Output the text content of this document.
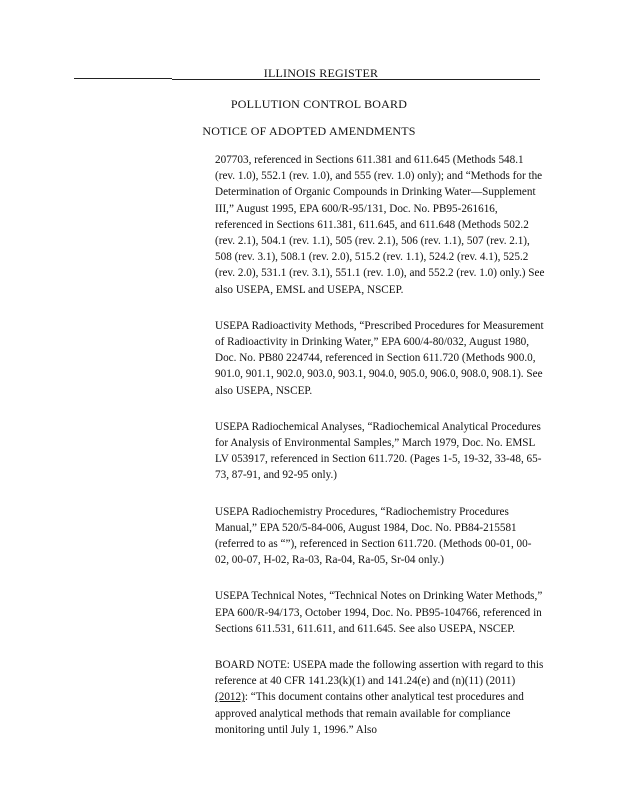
ILLINOIS REGISTER
POLLUTION CONTROL BOARD
NOTICE OF ADOPTED AMENDMENTS

207703, referenced in Sections 611.381 and 611.645 (Methods 548.1 (rev. 1.0), 552.1 (rev. 1.0), and 555 (rev. 1.0) only); and “Methods for the Determination of Organic Compounds in Drinking Water—Supplement III,” August 1995, EPA 600/R-95/131, Doc. No. PB95-261616, referenced in Sections 611.381, 611.645, and 611.648 (Methods 502.2 (rev. 2.1), 504.1 (rev. 1.1), 505 (rev. 2.1), 506 (rev. 1.1), 507 (rev. 2.1), 508 (rev. 3.1), 508.1 (rev. 2.0), 515.2 (rev. 1.1), 524.2 (rev. 4.1), 525.2 (rev. 2.0), 531.1 (rev. 3.1), 551.1 (rev. 1.0), and 552.2 (rev. 1.0) only.) See also USEPA, EMSL and USEPA, NSCEP.

USEPA Radioactivity Methods, “Prescribed Procedures for Measurement of Radioactivity in Drinking Water,” EPA 600/4-80/032, August 1980, Doc. No. PB80 224744, referenced in Section 611.720 (Methods 900.0, 901.0, 901.1, 902.0, 903.0, 903.1, 904.0, 905.0, 906.0, 908.0, 908.1). See also USEPA, NSCEP.

USEPA Radiochemical Analyses, “Radiochemical Analytical Procedures for Analysis of Environmental Samples,” March 1979, Doc. No. EMSL LV 053917, referenced in Section 611.720. (Pages 1-5, 19-32, 33-48, 65-73, 87-91, and 92-95 only.)

USEPA Radiochemistry Procedures, “Radiochemistry Procedures Manual,” EPA 520/5-84-006, August 1984, Doc. No. PB84-215581 (referred to as “”), referenced in Section 611.720. (Methods 00-01, 00-02, 00-07, H-02, Ra-03, Ra-04, Ra-05, Sr-04 only.)

USEPA Technical Notes, “Technical Notes on Drinking Water Methods,” EPA 600/R-94/173, October 1994, Doc. No. PB95-104766, referenced in Sections 611.531, 611.611, and 611.645. See also USEPA, NSCEP.

BOARD NOTE: USEPA made the following assertion with regard to this reference at 40 CFR 141.23(k)(1) and 141.24(e) and (n)(11) (2011) (2012): “This document contains other analytical test procedures and approved analytical methods that remain available for compliance monitoring until July 1, 1996.” Also
